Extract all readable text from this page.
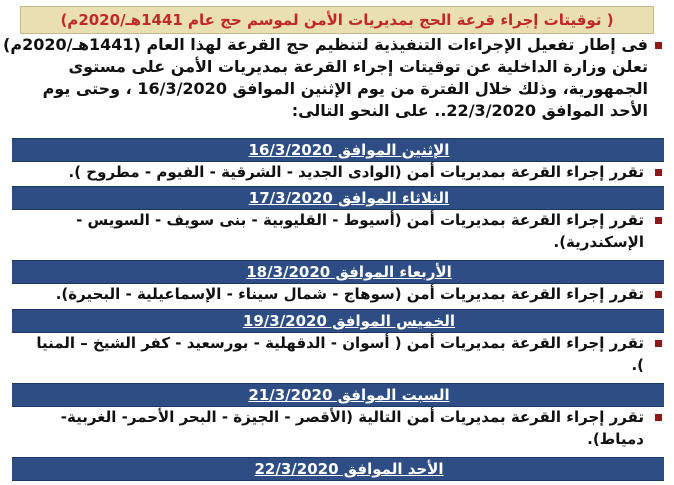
( توقيتات إجراء قرعة الحج بمديريات الأمن لموسم حج عام 1441هـ/2020م)
فى إطار تفعيل الإجراءات التنفيذية لتنظيم حج القرعة لهذا العام (1441هـ/2020م)
تعلن وزارة الداخلية عن توقيتات إجراء القرعة بمديريات الأمن على مستوى
الجمهورية، وذلك خلال الفترة من يوم الإثنين الموافق 16/3/2020 ، وحتى يوم
الأحد الموافق 22/3/2020.. على النحو التالى:
الإثنين الموافق 16/3/2020
تقرر إجراء القرعة بمديريات أمن (الوادى الجديد - الشرقية - الفيوم - مطروح ).
الثلاثاء الموافق 17/3/2020
تقرر إجراء القرعة بمديريات أمن (أسيوط - القليوبية - بنى سويف - السويس -
الإسكندرية).
الأربعاء الموافق 18/3/2020
تقرر إجراء القرعة بمديريات أمن (سوهاج - شمال سيناء - الإسماعيلية - البحيرة).
الخميس الموافق 19/3/2020
تقرر إجراء القرعة بمديريات أمن ( أسوان - الدقهلية - بورسعيد - كفر الشيخ – المنيا
).
السبت الموافق 21/3/2020
تقرر إجراء القرعة بمديريات أمن التالية (الأقصر - الجيزة - البحر الأحمر- الغربية-
دمياط).
الأحد الموافق 22/3/2020
